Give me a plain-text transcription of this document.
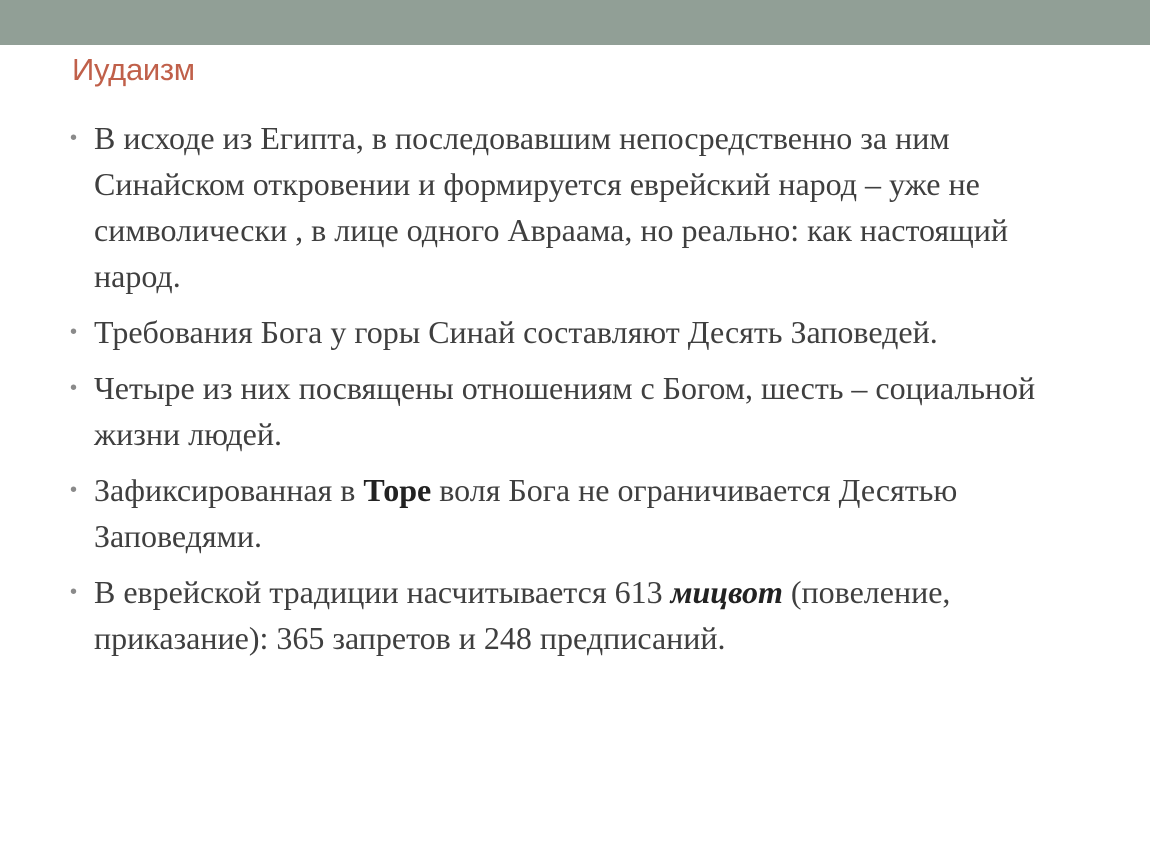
Иудаизм
• В исходе из Египта, в последовавшим непосредственно за ним Синайском откровении и формируется еврейский народ – уже не символически , в лице одного Авраама, но реально: как настоящий народ.
• Требования Бога у горы Синай составляют Десять Заповедей.
• Четыре из них посвящены отношениям с Богом, шесть – социальной жизни людей.
• Зафиксированная в Торе воля Бога не ограничивается Десятью Заповедями.
• В еврейской традиции насчитывается 613 мицвот (повеление, приказание): 365 запретов и 248 предписаний.
